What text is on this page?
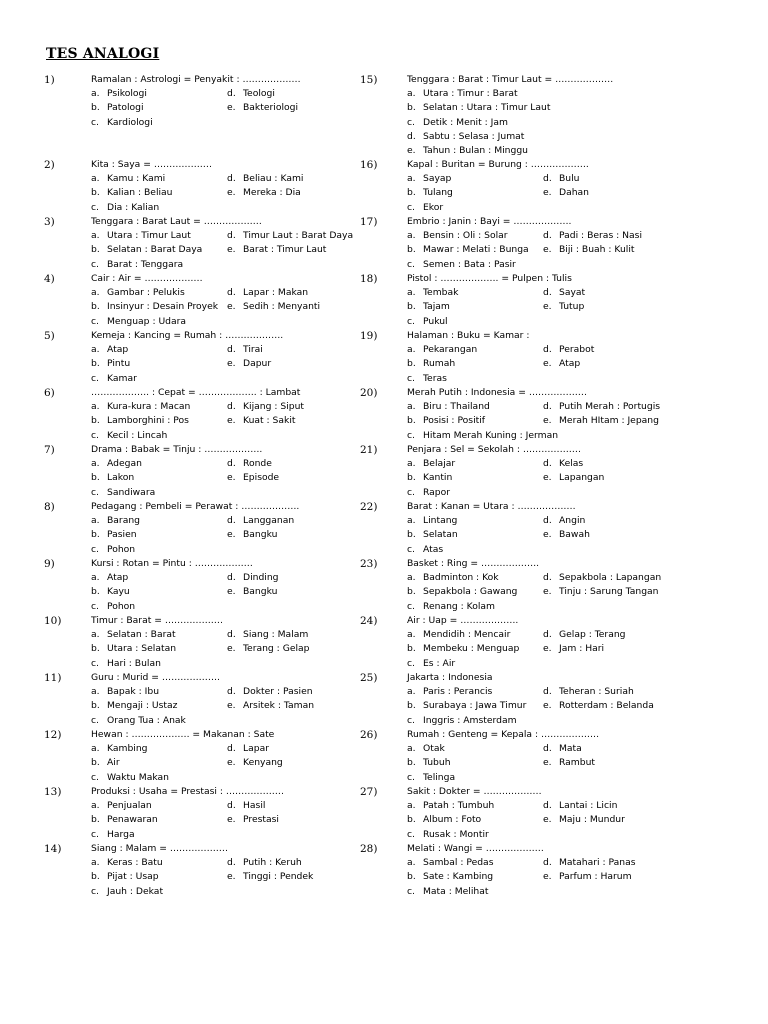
TES ANALOGI
1)	Ramalan : Astrologi = Penyakit : ……………….
a. Psikologi	d. Teologi
b. Patologi	e. Bakteriologi
c. Kardiologi
2)	Kita : Saya = ……………….
a. Kamu : Kami	d. Beliau : Kami
b. Kalian : Beliau	e. Mereka : Dia
c. Dia : Kalian
3)	Tenggara : Barat Laut = ……………….
a. Utara : Timur Laut	d. Timur Laut : Barat Daya
b. Selatan : Barat Daya	e. Barat : Timur Laut
c. Barat : Tenggara
4)	Cair : Air = ……………….
a. Gambar : Pelukis	d. Lapar : Makan
b. Insinyur : Desain Proyek e. Sedih : Menyanti
c. Menguap : Udara
5)	Kemeja : Kancing = Rumah : ……………….
a. Atap	d. Tirai
b. Pintu	e. Dapur
c. Kamar
6)	………………. : Cepat = ………………. : Lambat
a. Kura-kura : Macan	d. Kijang : Siput
b. Lamborghini : Pos	e. Kuat : Sakit
c. Kecil : Lincah
7)	Drama : Babak = Tinju : ……………….
a. Adegan	d. Ronde
b. Lakon	e. Episode
c. Sandiwara
8)	Pedagang : Pembeli = Perawat : ……………….
a. Barang	d. Langganan
b. Pasien	e. Bangku
c. Pohon
9)	Kursi : Rotan = Pintu : ……………….
a. Atap	d. Dinding
b. Kayu	e. Bangku
c. Pohon
10)	Timur : Barat = ……………….
a. Selatan : Barat	d. Siang : Malam
b. Utara : Selatan	e. Terang : Gelap
c. Hari : Bulan
11)	Guru : Murid = ……………….
a. Bapak : Ibu	d. Dokter : Pasien
b. Mengaji : Ustaz	e. Arsitek : Taman
c. Orang Tua : Anak
12)	Hewan : ………………. = Makanan : Sate
a. Kambing	d. Lapar
b. Air	e. Kenyang
c. Waktu Makan
13)	Produksi : Usaha = Prestasi : ……………….
a. Penjualan	d. Hasil
b. Penawaran	e. Prestasi
c. Harga
14)	Siang : Malam = ……………….
a. Keras : Batu	d. Putih : Keruh
b. Pijat : Usap	e. Tinggi : Pendek
c. Jauh : Dekat
15)	Tenggara : Barat : Timur Laut = ……………….
a. Utara : Timur : Barat
b. Selatan : Utara : Timur Laut
c. Detik : Menit : Jam
d. Sabtu : Selasa : Jumat
e. Tahun : Bulan : Minggu
16)	Kapal : Buritan = Burung : ……………….
a. Sayap	d. Bulu
b. Tulang	e. Dahan
c. Ekor
17)	Embrio : Janin : Bayi = ……………….
a. Bensin : Oli : Solar	d. Padi : Beras : Nasi
b. Mawar : Melati : Bunga	e. Biji : Buah : Kulit
c. Semen : Bata : Pasir
18)	Pistol : ………………. = Pulpen : Tulis
a. Tembak	d. Sayat
b. Tajam	e. Tutup
c. Pukul
19)	Halaman : Buku = Kamar :
a. Pekarangan	d. Perabot
b. Rumah	e. Atap
c. Teras
20)	Merah Putih : Indonesia = ……………….
a. Biru : Thailand	d. Putih Merah : Portugis
b. Posisi : Positif	e. Merah HItam : Jepang
c. Hitam Merah Kuning : Jerman
21)	Penjara : Sel = Sekolah : ……………….
a. Belajar	d. Kelas
b. Kantin	e. Lapangan
c. Rapor
22)	Barat : Kanan = Utara : ……………….
a. Lintang	d. Angin
b. Selatan	e. Bawah
c. Atas
23)	Basket : Ring = ……………….
a. Badminton : Kok	d. Sepakbola : Lapangan
b. Sepakbola : Gawang	e. Tinju : Sarung Tangan
c. Renang : Kolam
24)	Air : Uap = ……………….
a. Mendidih : Mencair	d. Gelap : Terang
b. Membeku : Menguap	e. Jam : Hari
c. Es : Air
25)	Jakarta : Indonesia
a. Paris : Perancis	d. Teheran : Suriah
b. Surabaya : Jawa Timur	e. Rotterdam : Belanda
c. Inggris : Amsterdam
26)	Rumah : Genteng = Kepala : ……………….
a. Otak	d. Mata
b. Tubuh	e. Rambut
c. Telinga
27)	Sakit : Dokter = ……………….
a. Patah : Tumbuh	d. Lantai : Licin
b. Album : Foto	e. Maju : Mundur
c. Rusak : Montir
28)	Melati : Wangi = ……………….
a. Sambal : Pedas	d. Matahari : Panas
b. Sate : Kambing	e. Parfum : Harum
c. Mata : Melihat
